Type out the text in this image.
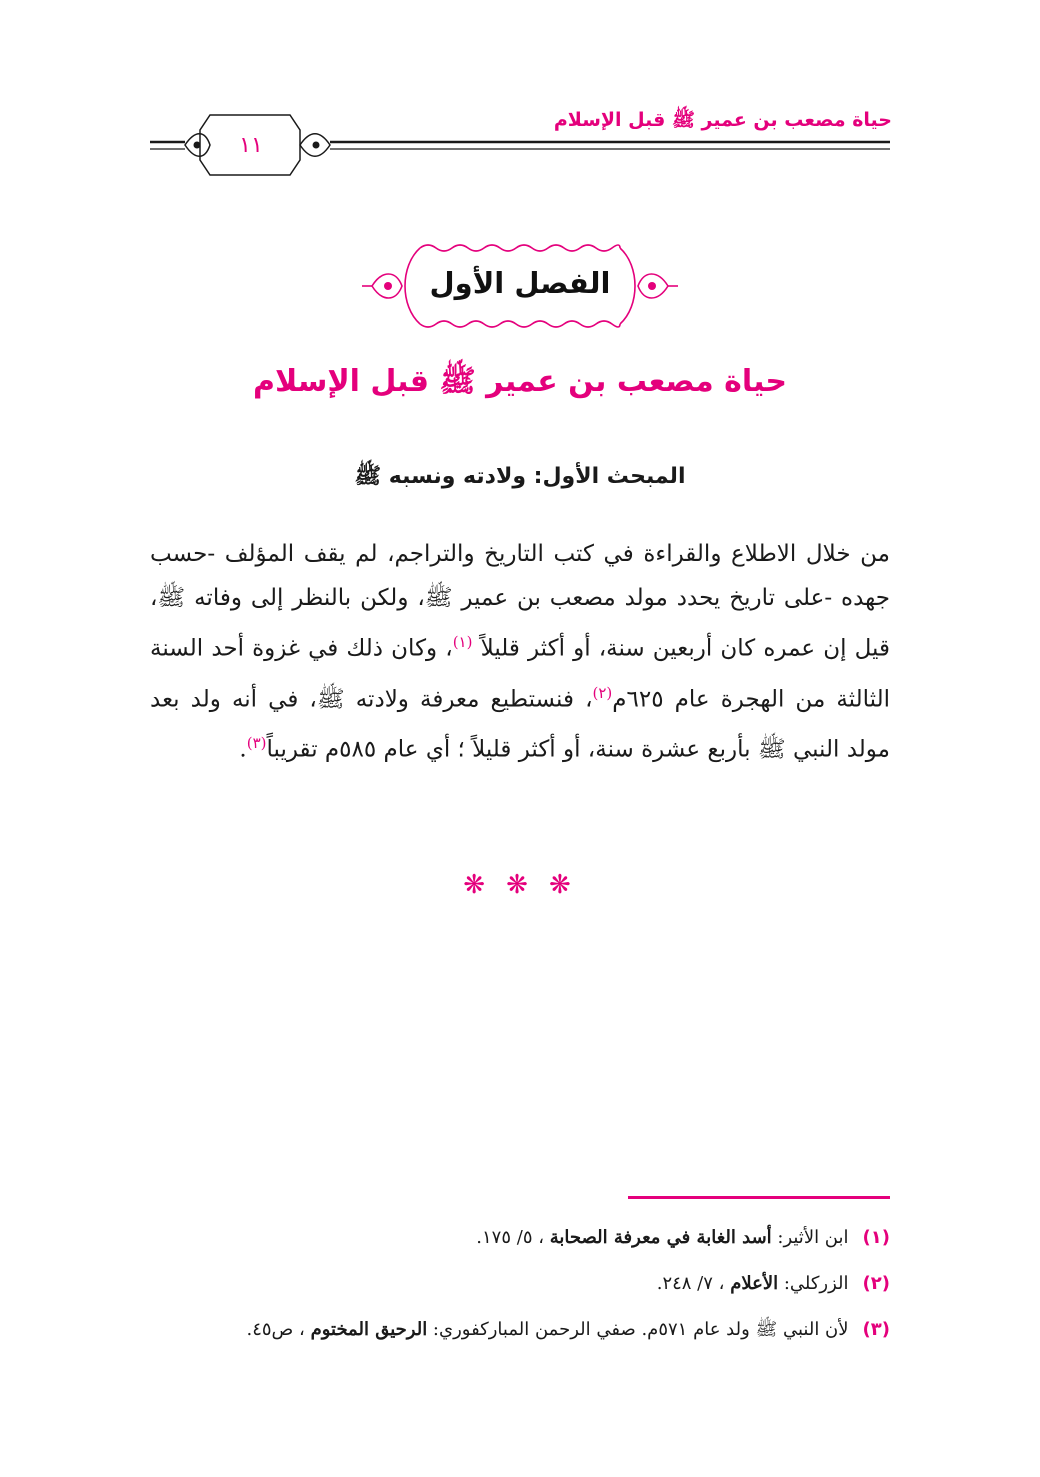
حياة مصعب بن عمير ﷺ قبل الإسلام
١١
الفصل الأول
حياة مصعب بن عمير ﷺ قبل الإسلام
المبحث الأول: ولادته ونسبه ﷺ
من خلال الاطلاع والقراءة في كتب التاريخ والتراجم، لم يقف المؤلف -حسب جهده -على تاريخ يحدد مولد مصعب بن عمير ﷺ، ولكن بالنظر إلى وفاته ﷺ، قيل إن عمره كان أربعين سنة، أو أكثر قليلاً $^{(١)}$، وكان ذلك في غزوة أحد السنة الثالثة من الهجرة عام ٦٢٥م$^{(٢)}$، فنستطيع معرفة ولادته ﷺ، في أنه ولد بعد مولد النبي ﷺ بأربع عشرة سنة، أو أكثر قليلاً ؛ أي عام ٥٨٥م تقريباً$^{(٣)}$.
❋ ❋ ❋
(١)ابن الأثير: أسد الغابة في معرفة الصحابة ، ٥/ ١٧٥.
(٢)الزركلي: الأعلام ، ٧/ ٢٤٨.
(٣)لأن النبي ﷺ ولد عام ٥٧١م. صفي الرحمن المباركفوري: الرحيق المختوم ، ص٤٥.
